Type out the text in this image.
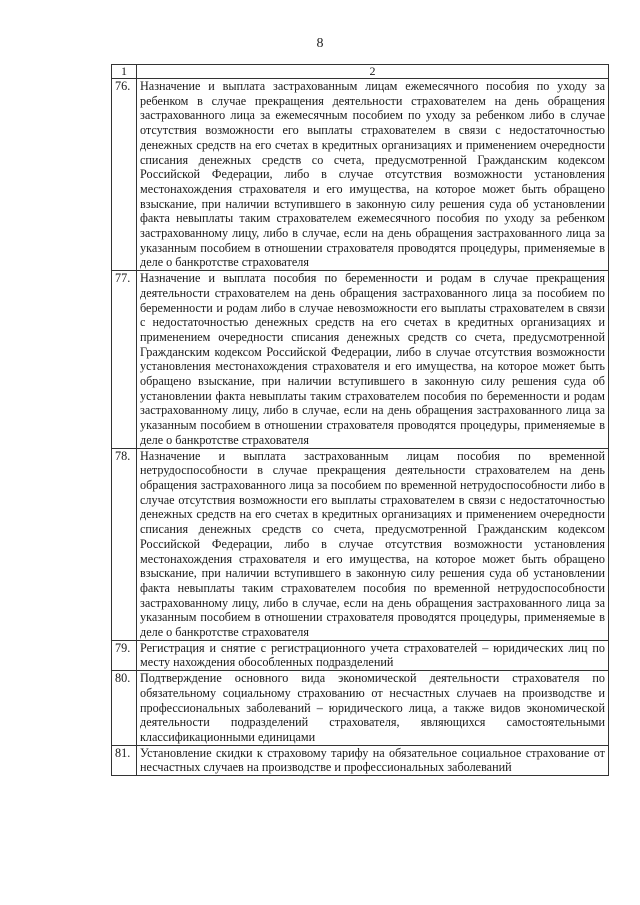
8
1	2
76.	Назначение и выплата застрахованным лицам ежемесячного пособия по уходу за ребенком в случае прекращения деятельности страхователем на день обращения застрахованного лица за ежемесячным пособием по уходу за ребенком либо в случае отсутствия возможности его выплаты страхователем в связи с недостаточностью денежных средств на его счетах в кредитных организациях и применением очередности списания денежных средств со счета, предусмотренной Гражданским кодексом Российской Федерации, либо в случае отсутствия возможности установления местонахождения страхователя и его имущества, на которое может быть обращено взыскание, при наличии вступившего в законную силу решения суда об установлении факта невыплаты таким страхователем ежемесячного пособия по уходу за ребенком застрахованному лицу, либо в случае, если на день обращения застрахованного лица за указанным пособием в отношении страхователя проводятся процедуры, применяемые в деле о банкротстве страхователя
77.	Назначение и выплата пособия по беременности и родам в случае прекращения деятельности страхователем на день обращения застрахованного лица за пособием по беременности и родам либо в случае невозможности его выплаты страхователем в связи с недостаточностью денежных средств на его счетах в кредитных организациях и применением очередности списания денежных средств со счета, предусмотренной Гражданским кодексом Российской Федерации, либо в случае отсутствия возможности установления местонахождения страхователя и его имущества, на которое может быть обращено взыскание, при наличии вступившего в законную силу решения суда об установлении факта невыплаты таким страхователем пособия по беременности и родам застрахованному лицу, либо в случае, если на день обращения застрахованного лица за указанным пособием в отношении страхователя проводятся процедуры, применяемые в деле о банкротстве страхователя
78.	Назначение и выплата застрахованным лицам пособия по временной нетрудоспособности в случае прекращения деятельности страхователем на день обращения застрахованного лица за пособием по временной нетрудоспособности либо в случае отсутствия возможности его выплаты страхователем в связи с недостаточностью денежных средств на его счетах в кредитных организациях и применением очередности списания денежных средств со счета, предусмотренной Гражданским кодексом Российской Федерации, либо в случае отсутствия возможности установления местонахождения страхователя и его имущества, на которое может быть обращено взыскание, при наличии вступившего в законную силу решения суда об установлении факта невыплаты таким страхователем пособия по временной нетрудоспособности застрахованному лицу, либо в случае, если на день обращения застрахованного лица за указанным пособием в отношении страхователя проводятся процедуры, применяемые в деле о банкротстве страхователя
79.	Регистрация и снятие с регистрационного учета страхователей – юридических лиц по месту нахождения обособленных подразделений
80.	Подтверждение основного вида экономической деятельности страхователя по обязательному социальному страхованию от несчастных случаев на производстве и профессиональных заболеваний – юридического лица, а также видов экономической деятельности подразделений страхователя, являющихся самостоятельными классификационными единицами
81.	Установление скидки к страховому тарифу на обязательное социальное страхование от несчастных случаев на производстве и профессиональных заболеваний
